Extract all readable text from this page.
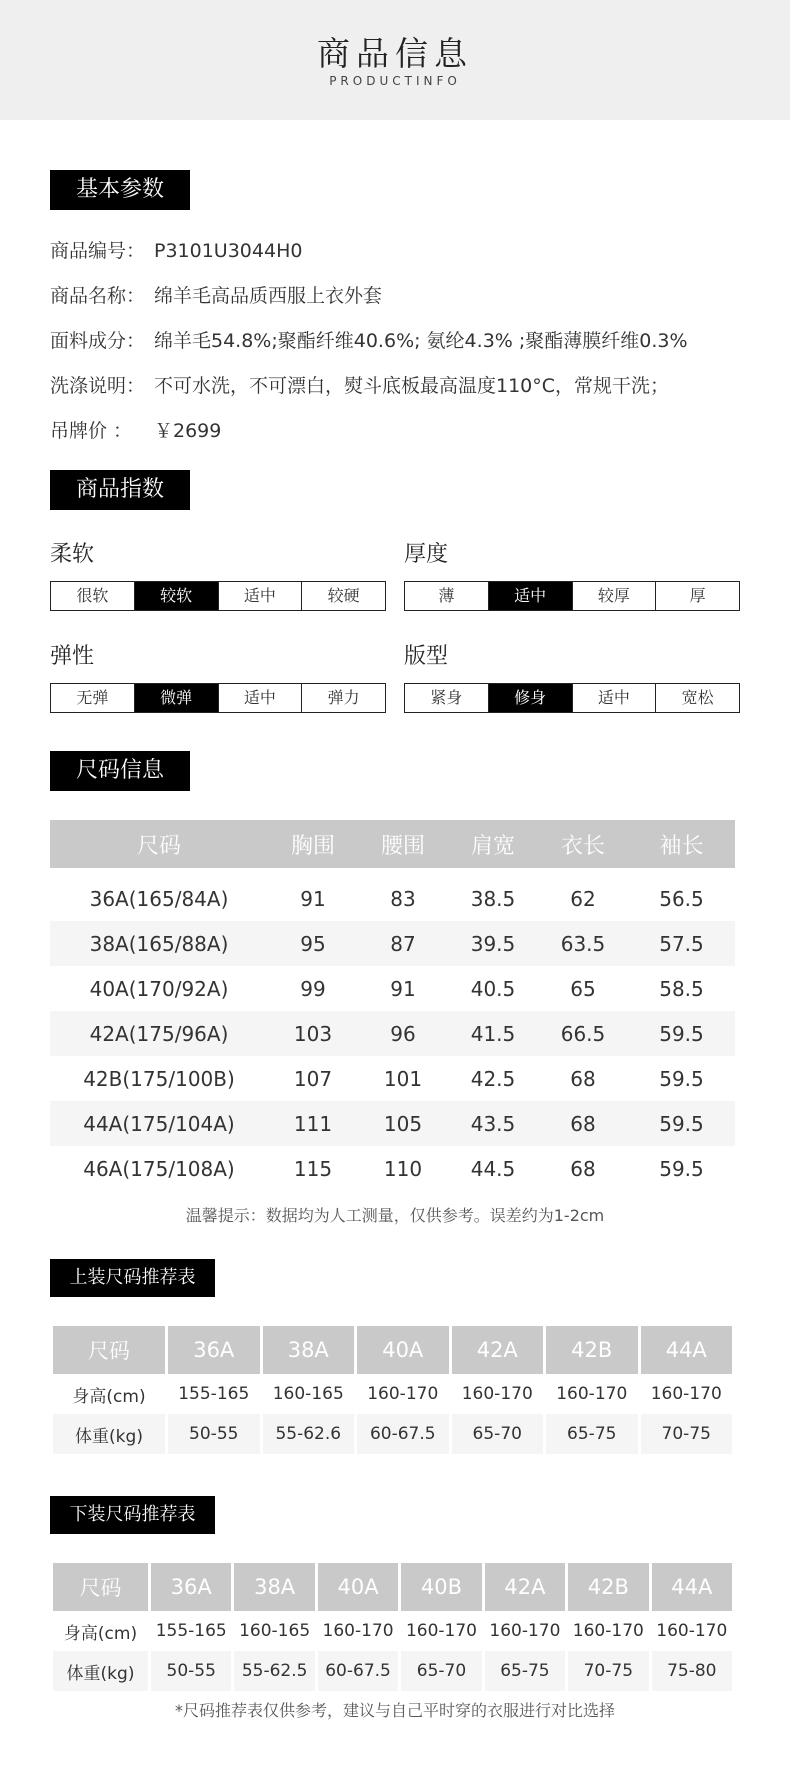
商品信息
PRODUCTINFO
基本参数
商品编号： P3101U3044H0
商品名称： 绵羊毛高品质西服上衣外套
面料成分： 绵羊毛54.8%;聚酯纤维40.6%; 氨纶4.3% ;聚酯薄膜纤维0.3%
洗涤说明： 不可水洗，不可漂白，熨斗底板最高温度110°C，常规干洗；
吊牌价 ： ￥2699
商品指数
柔软
很软	较软	适中	较硬
厚度
薄	适中	较厚	厚
弹性
无弹	微弹	适中	弹力
版型
紧身	修身	适中	宽松
尺码信息
尺码	胸围	腰围	肩宽	衣长	袖长

36A(165/84A)	91	83	38.5	62	56.5
38A(165/88A)	95	87	39.5	63.5	57.5
40A(170/92A)	99	91	40.5	65	58.5
42A(175/96A)	103	96	41.5	66.5	59.5
42B(175/100B)	107	101	42.5	68	59.5
44A(175/104A)	111	105	43.5	68	59.5
46A(175/108A)	115	110	44.5	68	59.5
温馨提示：数据均为人工测量，仅供参考。误差约为1-2cm
上装尺码推荐表
尺码	36A	38A	40A	42A	42B	44A
身高(cm)	155-165	160-165	160-170	160-170	160-170	160-170
体重(kg)	50-55	55-62.6	60-67.5	65-70	65-75	70-75
下装尺码推荐表
尺码	36A	38A	40A	40B	42A	42B	44A
身高(cm)	155-165	160-165	160-170	160-170	160-170	160-170	160-170
体重(kg)	50-55	55-62.5	60-67.5	65-70	65-75	70-75	75-80
*尺码推荐表仅供参考，建议与自己平时穿的衣服进行对比选择
